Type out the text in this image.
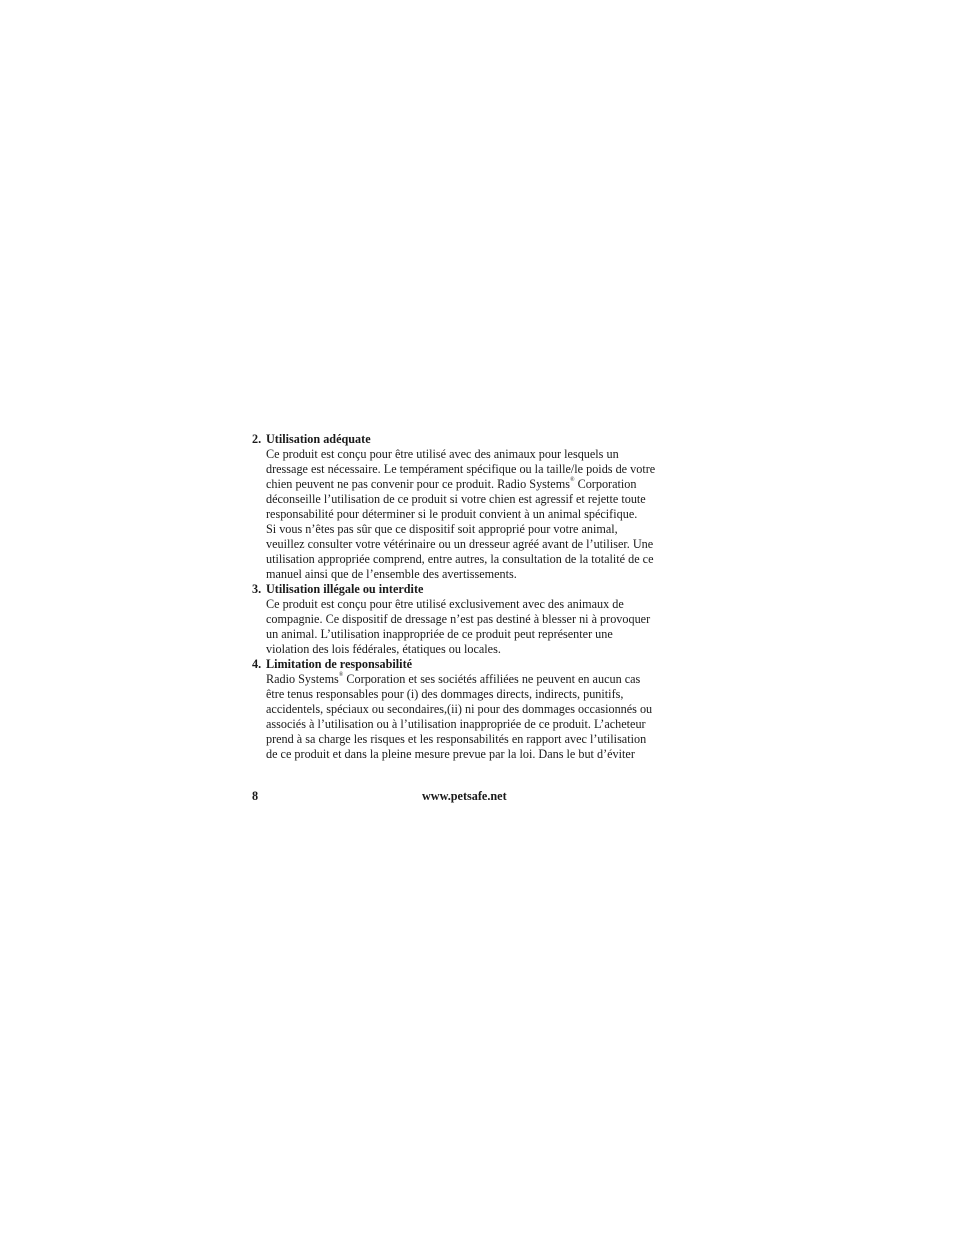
2. Utilisation adéquate
Ce produit est conçu pour être utilisé avec des animaux pour lesquels un
dressage est nécessaire. Le tempérament spécifique ou la taille/le poids de votre
chien peuvent ne pas convenir pour ce produit. Radio Systems® Corporation
déconseille l’utilisation de ce produit si votre chien est agressif et rejette toute
responsabilité pour déterminer si le produit convient à un animal spécifique.
Si vous n’êtes pas sûr que ce dispositif soit approprié pour votre animal,
veuillez consulter votre vétérinaire ou un dresseur agréé avant de l’utiliser. Une
utilisation appropriée comprend, entre autres, la consultation de la totalité de ce
manuel ainsi que de l’ensemble des avertissements.
3. Utilisation illégale ou interdite
Ce produit est conçu pour être utilisé exclusivement avec des animaux de
compagnie. Ce dispositif de dressage n’est pas destiné à blesser ni à provoquer
un animal. L’utilisation inappropriée de ce produit peut représenter une
violation des lois fédérales, étatiques ou locales.
4. Limitation de responsabilité
Radio Systems® Corporation et ses sociétés affiliées ne peuvent en aucun cas
être tenus responsables pour (i) des dommages directs, indirects, punitifs,
accidentels, spéciaux ou secondaires,(ii) ni pour des dommages occasionnés ou
associés à l’utilisation ou à l’utilisation inappropriée de ce produit. L’acheteur
prend à sa charge les risques et les responsabilités en rapport avec l’utilisation
de ce produit et dans la pleine mesure prevue par la loi. Dans le but d’éviter
8	www.petsafe.net
